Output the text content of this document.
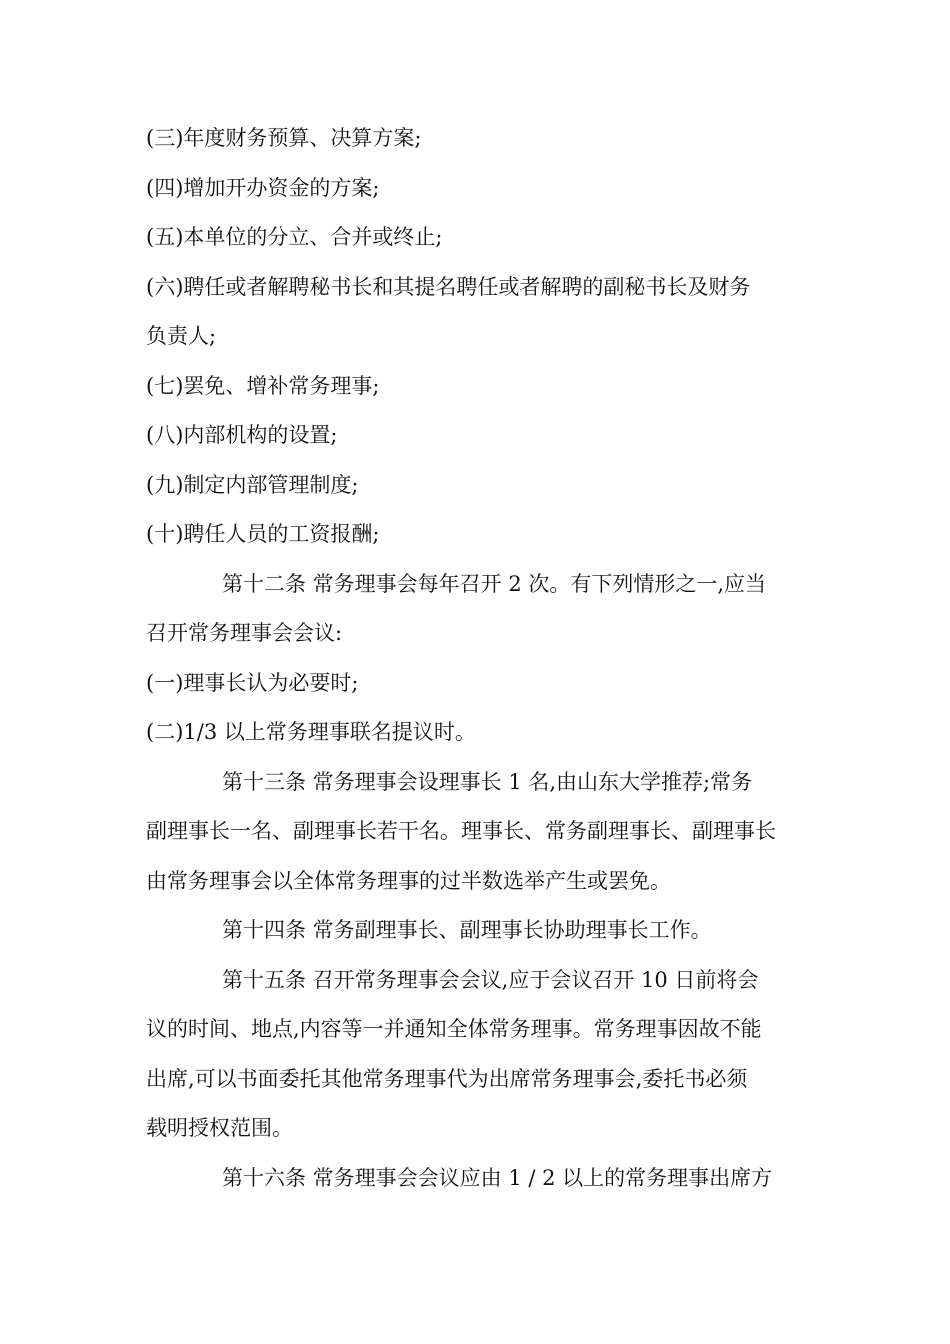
(三)年度财务预算、决算方案;
(四)增加开办资金的方案;
(五)本单位的分立、合并或终止;
(六)聘任或者解聘秘书长和其提名聘任或者解聘的副秘书长及财务
负责人;
(七)罢免、增补常务理事;
(八)内部机构的设置;
(九)制定内部管理制度;
(十)聘任人员的工资报酬;
第十二条 常务理事会每年召开 2 次。有下列情形之一,应当
召开常务理事会会议:
(一)理事长认为必要时;
(二)1/3 以上常务理事联名提议时。
第十三条 常务理事会设理事长 1 名,由山东大学推荐;常务
副理事长一名、副理事长若干名。理事长、常务副理事长、副理事长
由常务理事会以全体常务理事的过半数选举产生或罢免。
第十四条 常务副理事长、副理事长协助理事长工作。
第十五条 召开常务理事会会议,应于会议召开 10 日前将会
议的时间、地点,内容等一并通知全体常务理事。常务理事因故不能
出席,可以书面委托其他常务理事代为出席常务理事会,委托书必须
载明授权范围。
第十六条 常务理事会会议应由 1 / 2 以上的常务理事出席方
